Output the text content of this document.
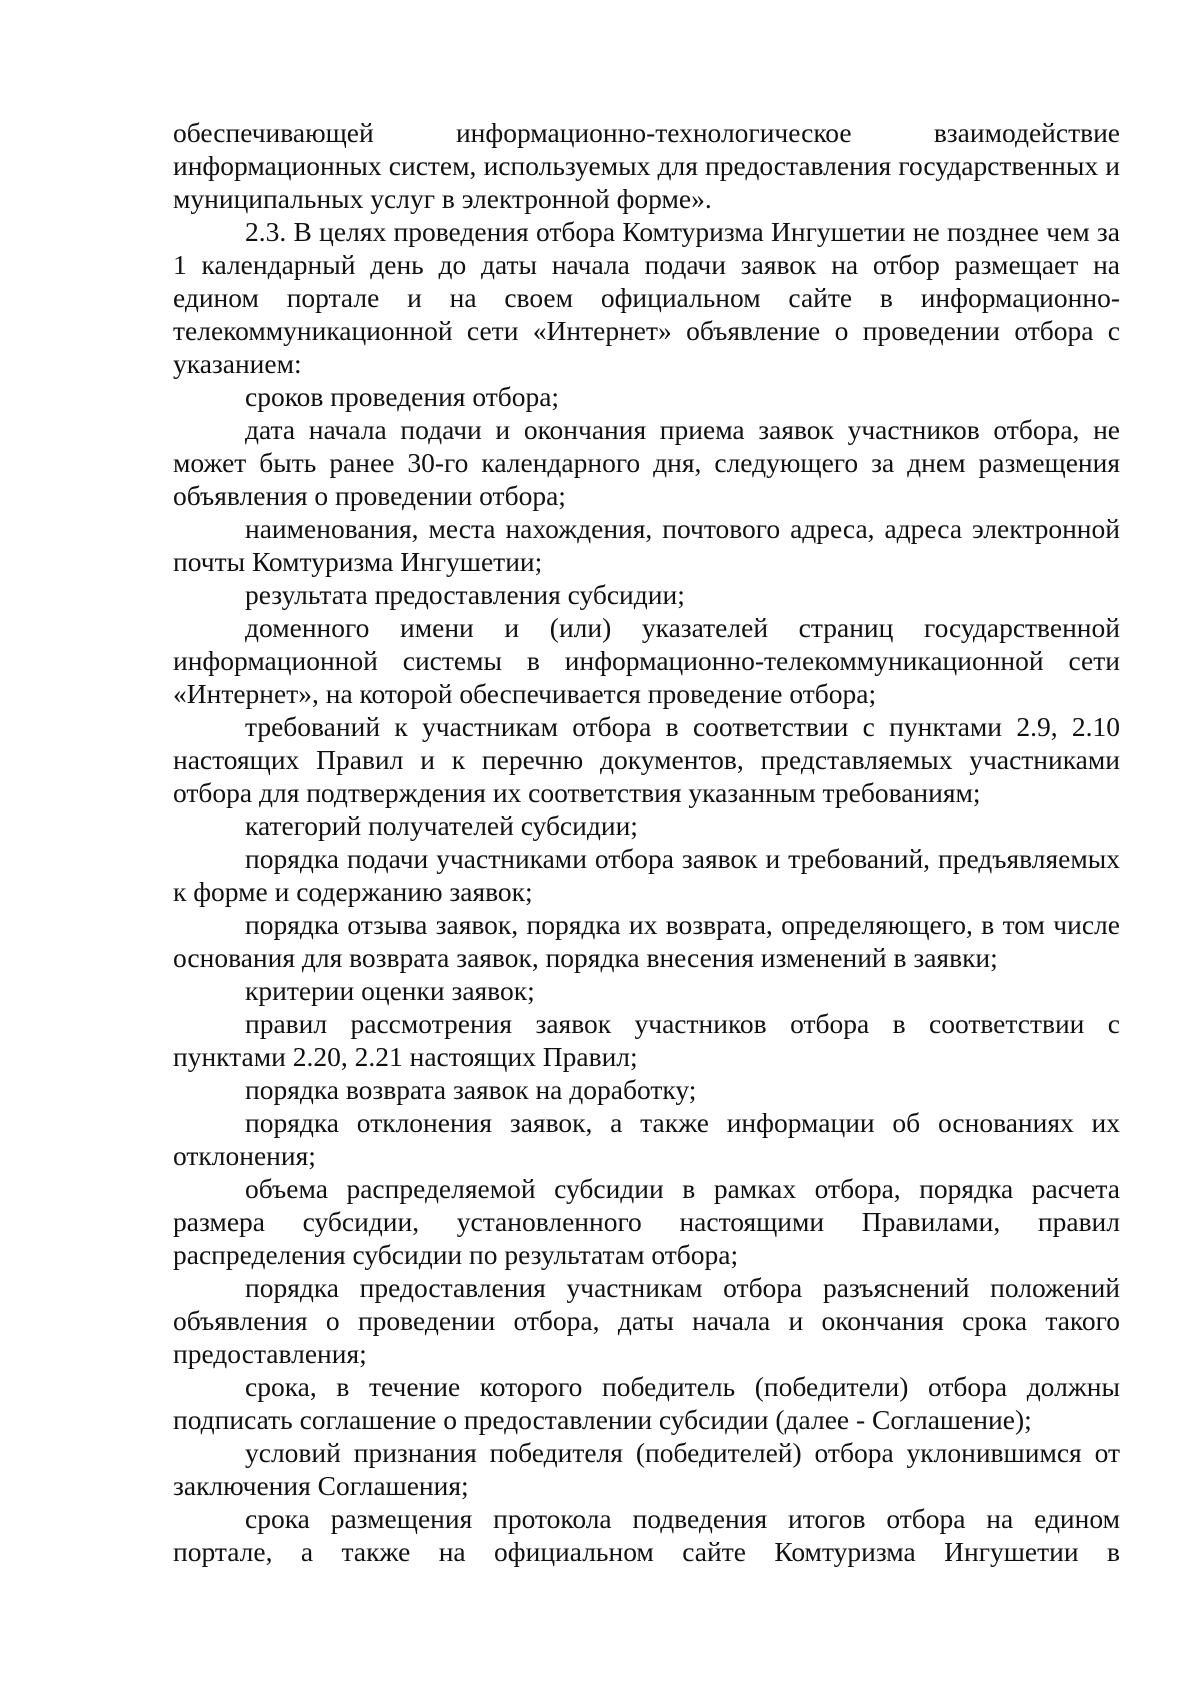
обеспечивающей информационно-технологическое взаимодействие информационных систем, используемых для предоставления государственных и муниципальных услуг в электронной форме».

2.3. В целях проведения отбора Комтуризма Ингушетии не позднее чем за 1 календарный день до даты начала подачи заявок на отбор размещает на едином портале и на своем официальном сайте в информационно-телекоммуникационной сети «Интернет» объявление о проведении отбора с указанием:

сроков проведения отбора;

дата начала подачи и окончания приема заявок участников отбора, не может быть ранее 30-го календарного дня, следующего за днем размещения объявления о проведении отбора;

наименования, места нахождения, почтового адреса, адреса электронной почты Комтуризма Ингушетии;

результата предоставления субсидии;

доменного имени и (или) указателей страниц государственной информационной системы в информационно-телекоммуникационной сети «Интернет», на которой обеспечивается проведение отбора;

требований к участникам отбора в соответствии с пунктами 2.9, 2.10 настоящих Правил и к перечню документов, представляемых участниками отбора для подтверждения их соответствия указанным требованиям;

категорий получателей субсидии;

порядка подачи участниками отбора заявок и требований, предъявляемых к форме и содержанию заявок;

порядка отзыва заявок, порядка их возврата, определяющего, в том числе основания для возврата заявок, порядка внесения изменений в заявки;

критерии оценки заявок;

правил рассмотрения заявок участников отбора в соответствии с пунктами 2.20, 2.21 настоящих Правил;

порядка возврата заявок на доработку;

порядка отклонения заявок, а также информации об основаниях их отклонения;

объема распределяемой субсидии в рамках отбора, порядка расчета размера субсидии, установленного настоящими Правилами, правил распределения субсидии по результатам отбора;

порядка предоставления участникам отбора разъяснений положений объявления о проведении отбора, даты начала и окончания срока такого предоставления;

срока, в течение которого победитель (победители) отбора должны подписать соглашение о предоставлении субсидии (далее - Соглашение);

условий признания победителя (победителей) отбора уклонившимся от заключения Соглашения;

срока размещения протокола подведения итогов отбора на едином портале, а также на официальном сайте Комтуризма Ингушетии в
